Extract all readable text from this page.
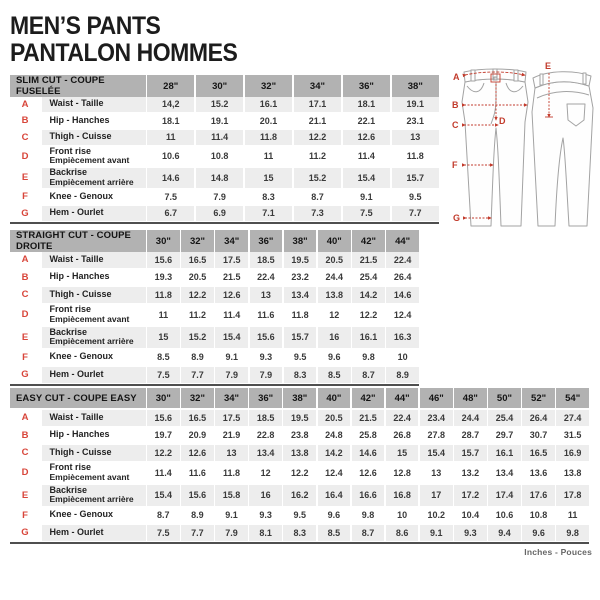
MEN’S PANTS
PANTALON HOMMES
A
B
C	D
E
F
G
SLIM CUT - COUPE FUSELÉE	28"	30"	32"	34"	36"	38"
A	Waist - Taille	14,2	15.2	16.1	17.1	18.1	19.1
B	Hip - Hanches	18.1	19.1	20.1	21.1	22.1	23.1
C	Thigh - Cuisse	11	11.4	11.8	12.2	12.6	13
D	Front rise
Empiècement avant	10.6	10.8	11	11.2	11.4	11.8
E	Backrise
Empiècement arrière	14.6	14.8	15	15.2	15.4	15.7
F	Knee - Genoux	7.5	7.9	8.3	8.7	9.1	9.5
G	Hem - Ourlet	6.7	6.9	7.1	7.3	7.5	7.7
STRAIGHT CUT - COUPE DROITE	30"	32"	34"	36"	38"	40"	42"	44"
A	Waist - Taille	15.6	16.5	17.5	18.5	19.5	20.5	21.5	22.4
B	Hip - Hanches	19.3	20.5	21.5	22.4	23.2	24.4	25.4	26.4
C	Thigh - Cuisse	11.8	12.2	12.6	13	13.4	13.8	14.2	14.6
D	Front rise
Empiècement avant	11	11.2	11.4	11.6	11.8	12	12.2	12.4
E	Backrise
Empiècement arrière	15	15.2	15.4	15.6	15.7	16	16.1	16.3
F	Knee - Genoux	8.5	8.9	9.1	9.3	9.5	9.6	9.8	10
G	Hem - Ourlet	7.5	7.7	7.9	7.9	8.3	8.5	8.7	8.9
EASY CUT - COUPE EASY	30"	32"	34"	36"	38"	40"	42"	44"	46"	48"	50"	52"	54"
A	Waist - Taille	15.6	16.5	17.5	18.5	19.5	20.5	21.5	22.4	23.4	24.4	25.4	26.4	27.4
B	Hip - Hanches	19.7	20.9	21.9	22.8	23.8	24.8	25.8	26.8	27.8	28.7	29.7	30.7	31.5
C	Thigh - Cuisse	12.2	12.6	13	13.4	13.8	14.2	14.6	15	15.4	15.7	16.1	16.5	16.9
D	Front rise
Empiècement avant	11.4	11.6	11.8	12	12.2	12.4	12.6	12.8	13	13.2	13.4	13.6	13.8
E	Backrise
Empiècement arrière	15.4	15.6	15.8	16	16.2	16.4	16.6	16.8	17	17.2	17.4	17.6	17.8
F	Knee - Genoux	8.7	8.9	9.1	9.3	9.5	9.6	9.8	10	10.2	10.4	10.6	10.8	11
G	Hem - Ourlet	7.5	7.7	7.9	8.1	8.3	8.5	8.7	8.6	9.1	9.3	9.4	9.6	9.8
Inches - Pouces
